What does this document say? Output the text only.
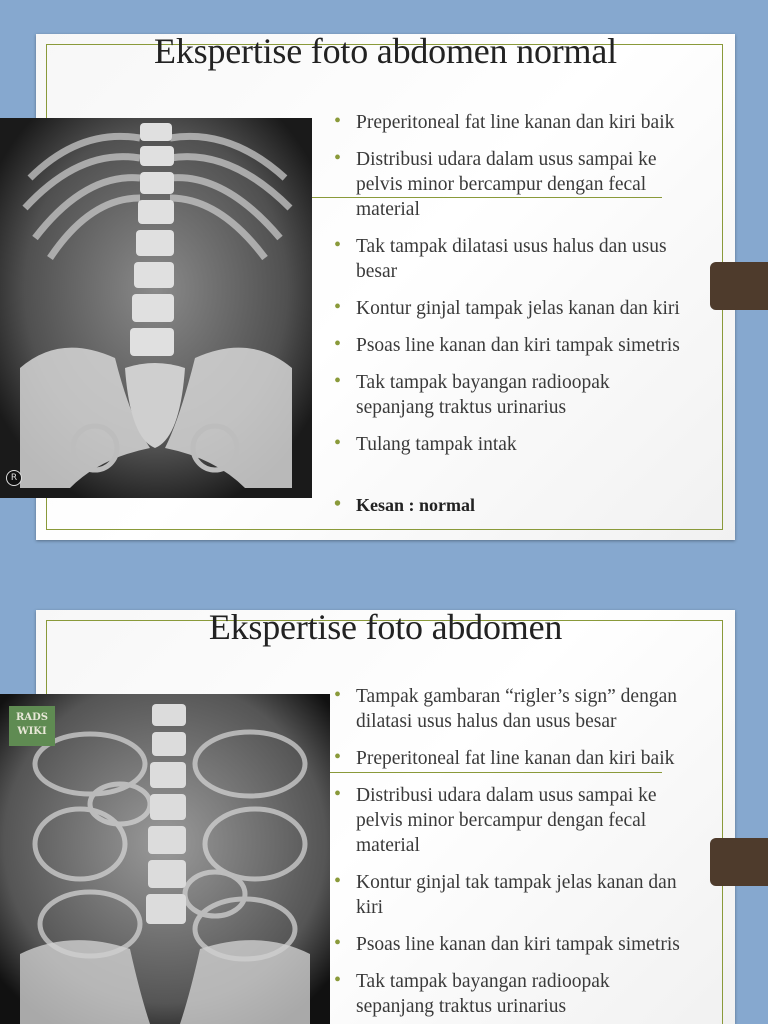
Ekspertise foto abdomen normal
• Preperitoneal fat line kanan dan kiri baik
• Distribusi udara dalam usus sampai ke
pelvis minor bercampur dengan fecal
material
• Tak tampak dilatasi usus halus dan usus
besar
• Kontur ginjal tampak jelas kanan dan kiri
• Psoas line kanan dan kiri tampak simetris
• Tak tampak bayangan radioopak
sepanjang traktus urinarius
• Tulang tampak intak
• Kesan : normal
R
Ekspertise foto abdomen
• Tampak gambaran “rigler’s sign” dengan
dilatasi usus halus dan usus besar
• Preperitoneal fat line kanan dan kiri baik
• Distribusi udara dalam usus sampai ke
pelvis minor bercampur dengan fecal
material
• Kontur ginjal tak tampak jelas kanan dan
kiri
• Psoas line kanan dan kiri tampak simetris
• Tak tampak bayangan radioopak
sepanjang traktus urinarius
RADS
WIKI
